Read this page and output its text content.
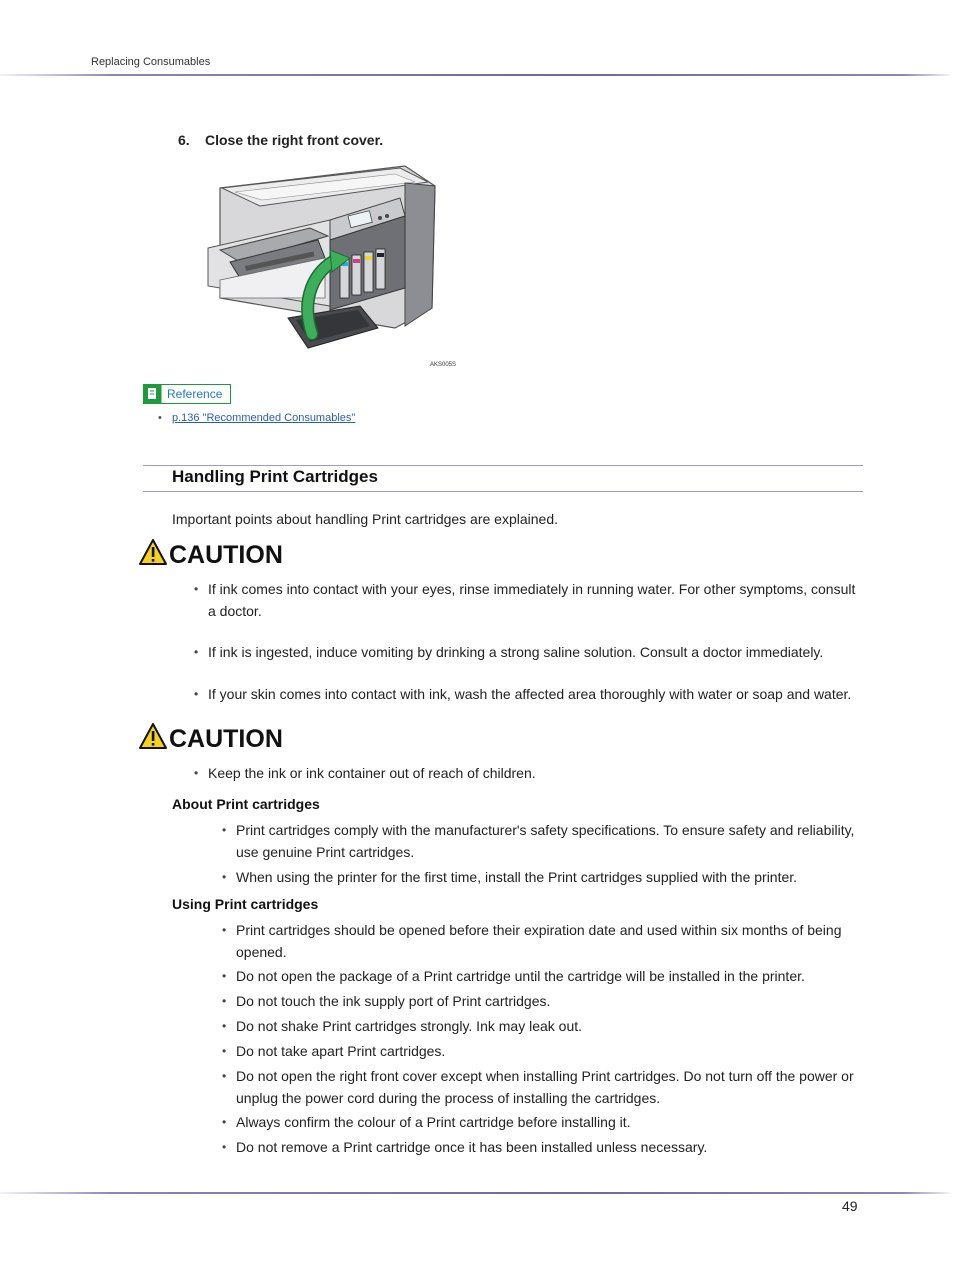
Replacing Consumables
6. Close the right front cover.
AKS005S
Reference
• p.136 "Recommended Consumables"
Handling Print Cartridges
Important points about handling Print cartridges are explained.
CAUTION
• If ink comes into contact with your eyes, rinse immediately in running water. For other symptoms, consult
a doctor.
• If ink is ingested, induce vomiting by drinking a strong saline solution. Consult a doctor immediately.
• If your skin comes into contact with ink, wash the affected area thoroughly with water or soap and water.
CAUTION
• Keep the ink or ink container out of reach of children.
About Print cartridges
• Print cartridges comply with the manufacturer's safety specifications. To ensure safety and reliability,
use genuine Print cartridges.
• When using the printer for the first time, install the Print cartridges supplied with the printer.
Using Print cartridges
• Print cartridges should be opened before their expiration date and used within six months of being
opened.
• Do not open the package of a Print cartridge until the cartridge will be installed in the printer.
• Do not touch the ink supply port of Print cartridges.
• Do not shake Print cartridges strongly. Ink may leak out.
• Do not take apart Print cartridges.
• Do not open the right front cover except when installing Print cartridges. Do not turn off the power or
unplug the power cord during the process of installing the cartridges.
• Always confirm the colour of a Print cartridge before installing it.
• Do not remove a Print cartridge once it has been installed unless necessary.
49
